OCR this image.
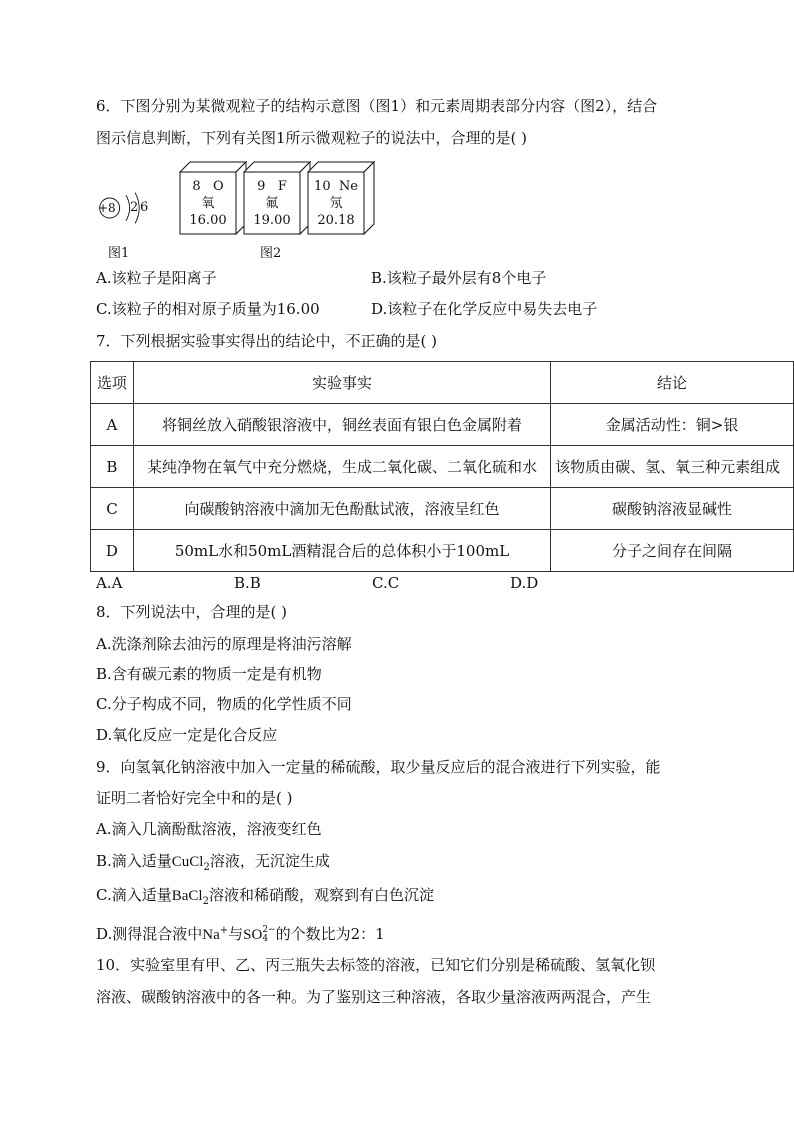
6．下图分别为某微观粒子的结构示意图（图1）和元素周期表部分内容（图2），结合
图示信息判断，下列有关图1所示微观粒子的说法中，合理的是( )
+8 2 6
8 O
氧
16.00
9 F
氟
19.00
10 Ne
氖
20.18
图1	图2
A.该粒子是阳离子	B.该粒子最外层有8个电子
C.该粒子的相对原子质量为16.00	D.该粒子在化学反应中易失去电子
7．下列根据实验事实得出的结论中，不正确的是( )
选项	实验事实	结论
A	将铜丝放入硝酸银溶液中，铜丝表面有银白色金属附着	金属活动性：铜>银
B	某纯净物在氧气中充分燃烧，生成二氧化碳、二氧化硫和水	该物质由碳、氢、氧三种元素组成
C	向碳酸钠溶液中滴加无色酚酞试液，溶液呈红色	碳酸钠溶液显碱性
D	50mL水和50mL酒精混合后的总体积小于100mL	分子之间存在间隔
A.A	B.B	C.C	D.D
8．下列说法中，合理的是( )
A.洗涤剂除去油污的原理是将油污溶解
B.含有碳元素的物质一定是有机物
C.分子构成不同，物质的化学性质不同
D.氧化反应一定是化合反应
9．向氢氧化钠溶液中加入一定量的稀硫酸，取少量反应后的混合液进行下列实验，能
证明二者恰好完全中和的是( )
A.滴入几滴酚酞溶液，溶液变红色
B.滴入适量CuCl$_2$溶液，无沉淀生成
C.滴入适量BaCl$_2$溶液和稀硝酸，观察到有白色沉淀
D.测得混合液中Na+与SO 2−
4 的个数比为2：1
10．实验室里有甲、乙、丙三瓶失去标签的溶液，已知它们分别是稀硫酸、氢氧化钡
溶液、碳酸钠溶液中的各一种。为了鉴别这三种溶液，各取少量溶液两两混合，产生
